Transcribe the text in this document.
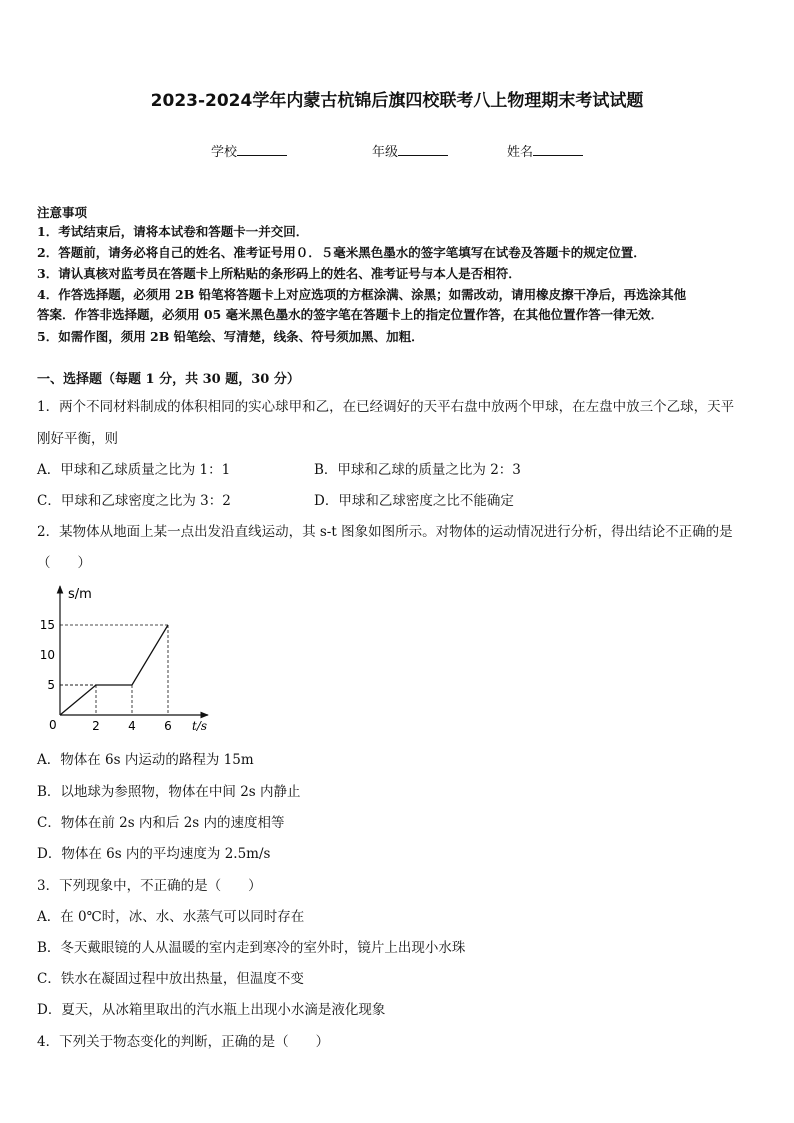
2023-2024学年内蒙古杭锦后旗四校联考八上物理期末考试试题
学校	年级	姓名
注意事项
1．考试结束后，请将本试卷和答题卡一并交回．
2．答题前，请务必将自己的姓名、准考证号用０．５毫米黑色墨水的签字笔填写在试卷及答题卡的规定位置．
3．请认真核对监考员在答题卡上所粘贴的条形码上的姓名、准考证号与本人是否相符．
4．作答选择题，必须用 2B 铅笔将答题卡上对应选项的方框涂满、涂黑；如需改动，请用橡皮擦干净后，再选涂其他
答案．作答非选择题，必须用 05 毫米黑色墨水的签字笔在答题卡上的指定位置作答，在其他位置作答一律无效．
5．如需作图，须用 2B 铅笔绘、写清楚，线条、符号须加黑、加粗．
一、选择题（每题 1 分，共 30 题，30 分）
1．两个不同材料制成的体积相同的实心球甲和乙，在已经调好的天平右盘中放两个甲球，在左盘中放三个乙球，天平
刚好平衡，则
A．甲球和乙球质量之比为 1：1	B．甲球和乙球的质量之比为 2：3
C．甲球和乙球密度之比为 3：2	D．甲球和乙球密度之比不能确定
2．某物体从地面上某一点出发沿直线运动，其 s-t 图象如图所示。对物体的运动情况进行分析，得出结论不正确的是
（　　）
2 4 6
5
10
15
s/m
t/s
0
A．物体在 6s 内运动的路程为 15m
B．以地球为参照物，物体在中间 2s 内静止
C．物体在前 2s 内和后 2s 内的速度相等
D．物体在 6s 内的平均速度为 2.5m/s
3．下列现象中，不正确的是（　　）
A．在 0℃时，冰、水、水蒸气可以同时存在
B．冬天戴眼镜的人从温暖的室内走到寒冷的室外时，镜片上出现小水珠
C．铁水在凝固过程中放出热量，但温度不变
D．夏天，从冰箱里取出的汽水瓶上出现小水滴是液化现象
4．下列关于物态变化的判断，正确的是（　　）
